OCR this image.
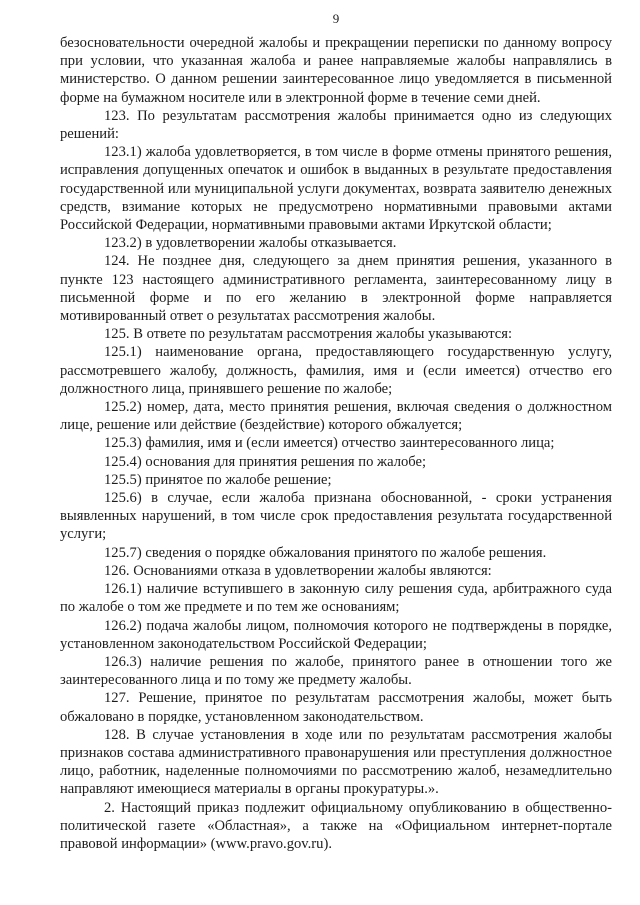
9

безосновательности очередной жалобы и прекращении переписки по данному вопросу при условии, что указанная жалоба и ранее направляемые жалобы направлялись в министерство. О данном решении заинтересованное лицо уведомляется в письменной форме на бумажном носителе или в электронной форме в течение семи дней.

123. По результатам рассмотрения жалобы принимается одно из следующих решений:

123.1) жалоба удовлетворяется, в том числе в форме отмены принятого решения, исправления допущенных опечаток и ошибок в выданных в результате предоставления государственной или муниципальной услуги документах, возврата заявителю денежных средств, взимание которых не предусмотрено нормативными правовыми актами Российской Федерации, нормативными правовыми актами Иркутской области;

123.2) в удовлетворении жалобы отказывается.

124. Не позднее дня, следующего за днем принятия решения, указанного в пункте 123 настоящего административного регламента, заинтересованному лицу в письменной форме и по его желанию в электронной форме направляется мотивированный ответ о результатах рассмотрения жалобы.

125. В ответе по результатам рассмотрения жалобы указываются:

125.1) наименование органа, предоставляющего государственную услугу, рассмотревшего жалобу, должность, фамилия, имя и (если имеется) отчество его должностного лица, принявшего решение по жалобе;

125.2) номер, дата, место принятия решения, включая сведения о должностном лице, решение или действие (бездействие) которого обжалуется;

125.3) фамилия, имя и (если имеется) отчество заинтересованного лица;

125.4) основания для принятия решения по жалобе;

125.5) принятое по жалобе решение;

125.6) в случае, если жалоба признана обоснованной, - сроки устранения выявленных нарушений, в том числе срок предоставления результата государственной услуги;

125.7) сведения о порядке обжалования принятого по жалобе решения.

126. Основаниями отказа в удовлетворении жалобы являются:

126.1) наличие вступившего в законную силу решения суда, арбитражного суда по жалобе о том же предмете и по тем же основаниям;

126.2) подача жалобы лицом, полномочия которого не подтверждены в порядке, установленном законодательством Российской Федерации;

126.3) наличие решения по жалобе, принятого ранее в отношении того же заинтересованного лица и по тому же предмету жалобы.

127. Решение, принятое по результатам рассмотрения жалобы, может быть обжаловано в порядке, установленном законодательством.

128. В случае установления в ходе или по результатам рассмотрения жалобы признаков состава административного правонарушения или преступления должностное лицо, работник, наделенные полномочиями по рассмотрению жалоб, незамедлительно направляют имеющиеся материалы в органы прокуратуры.».

2. Настоящий приказ подлежит официальному опубликованию в общественно-политической газете «Областная», а также на «Официальном интернет-портале правовой информации» (www.pravo.gov.ru).
